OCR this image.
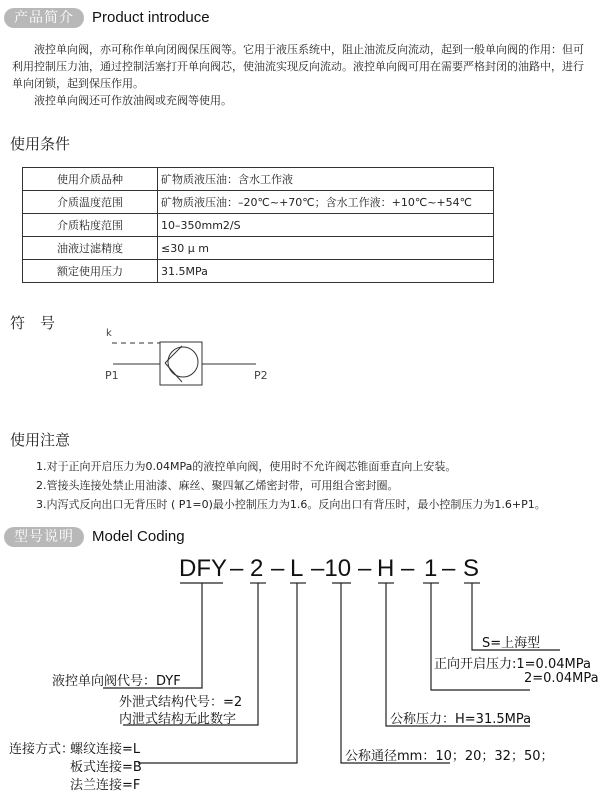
产品简介	Product introduce

液控单向阀，亦可称作单向闭阀保压阀等。它用于液压系统中，阻止油流反向流动，起到一般单向阀的作用：但可利用控制压力油，通过控制活塞打开单向阀芯，使油流实现反向流动。液控单向阀可用在需要严格封闭的油路中，进行单向闭锁，起到保压作用。

液控单向阀还可作放油阀或充阀等使用。

使用条件
使用介质品种	矿物质液压油：含水工作液
介质温度范围	矿物质液压油：–20℃~+70℃；含水工作液：+10℃~+54℃
介质粘度范围	10–350mm2/S
油液过滤精度	≤30 μ m
额定使用压力	31.5MPa
符　号
k
P1	P2
使用注意
1.对于正向开启压力为0.04MPa的液控单向阀，使用时不允许阀芯锥面垂直向上安装。
2.管接头连接处禁止用油漆、麻丝、聚四氟乙烯密封带，可用组合密封圈。
3.内泻式反向出口无背压时 ( P1=0)最小控制压力为1.6。反向出口有背压时，最小控制压力为1.6+P1。
型号说明	Model Coding
DFY – 2 – L –10 – H – 1 – S
S=上海型
正向开启压力:1=0.04MPa
2=0.04MPa
液控单向阀代号：DYF
外泄式结构代号：=2
内泄式结构无此数字	公称压力：H=31.5MPa
连接方式：
螺纹连接=L
板式连接=B
法兰连接=F
公称通径mm：10；20；32；50；
